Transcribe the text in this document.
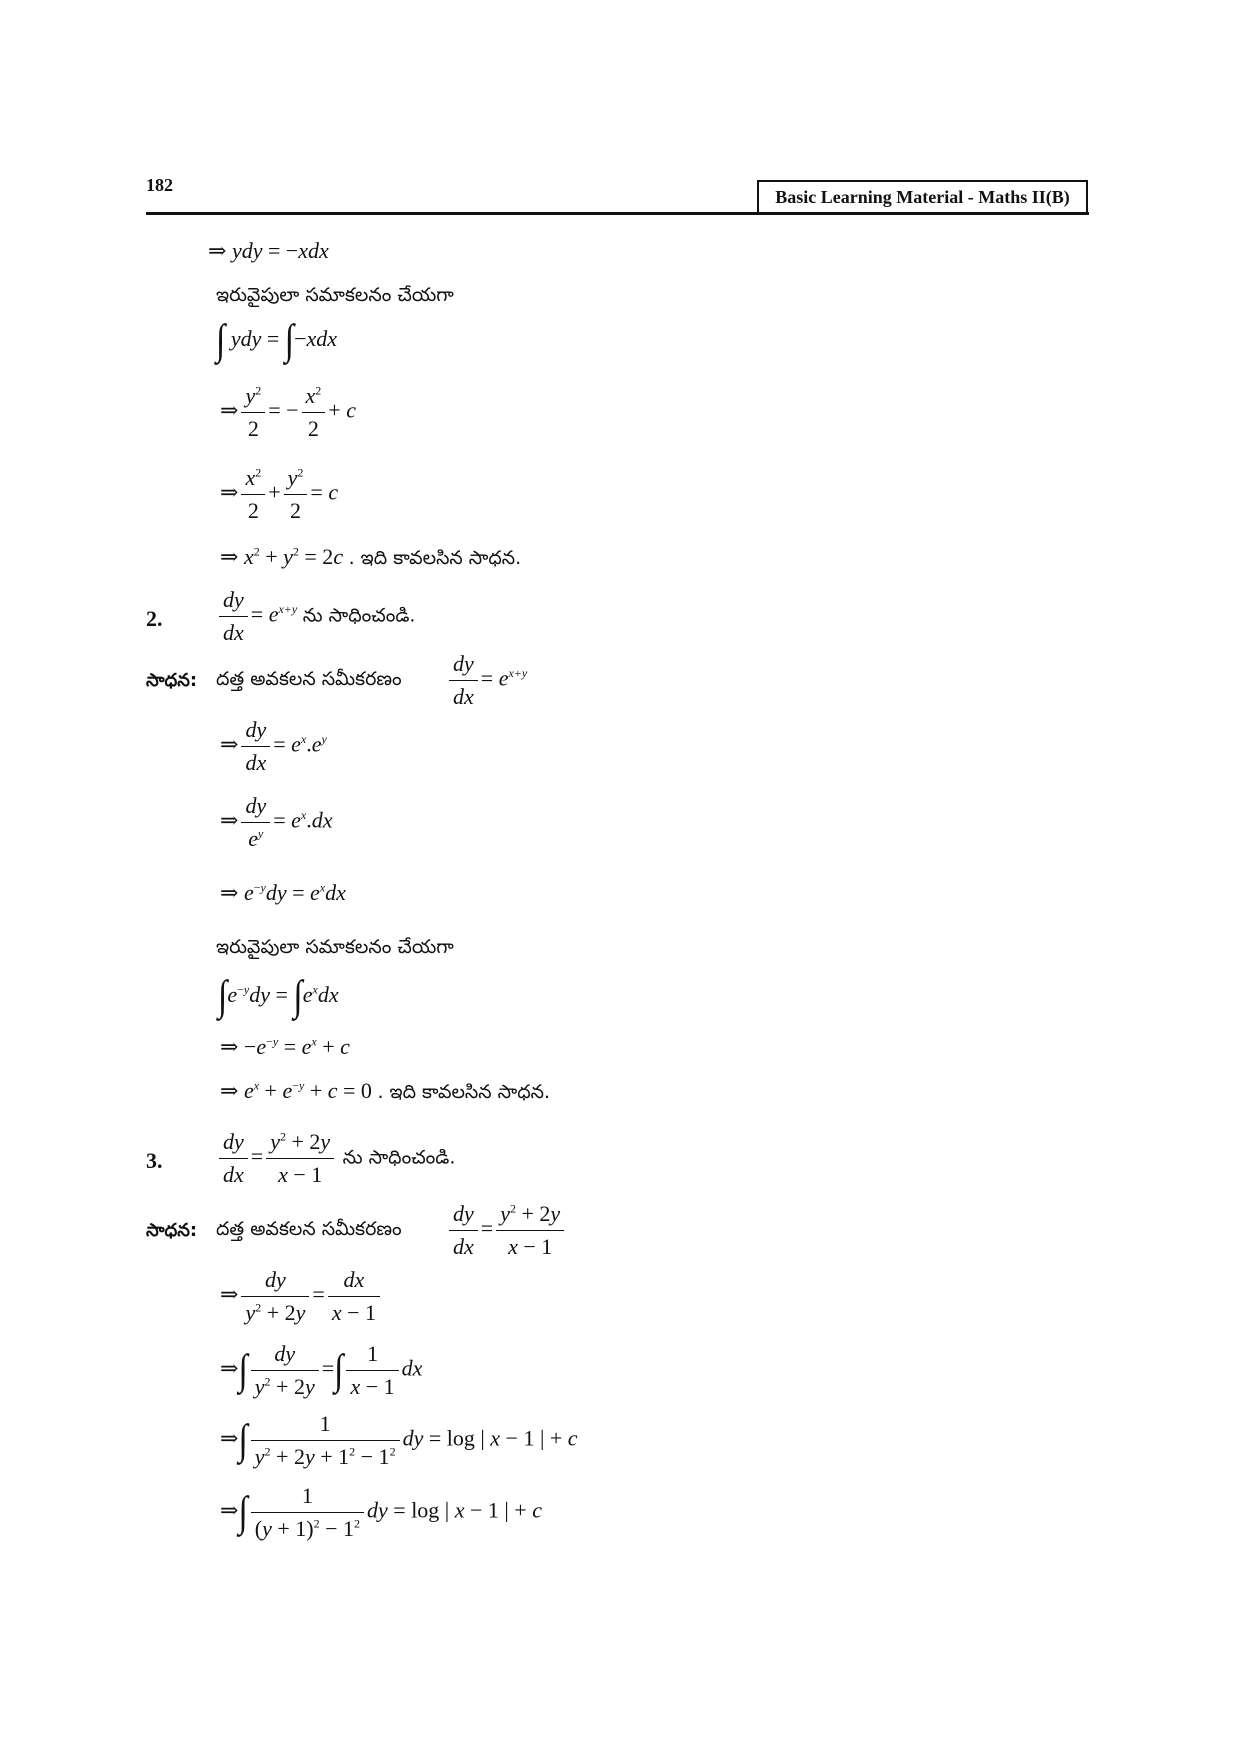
182
Basic Learning Material - Maths II(B)
⇒ ydy = −xdx
ఇరువైపులా సమాకలనం చేయగా
∫ ydy = ∫−xdx
⇒ $\frac{y^2}{2}$ = − $\frac{x^2}{2} + c$
⇒ $\frac{x^2}{2} + \frac{y^2}{2} = c$
⇒ $x^2 + y^2 = 2c$ . ఇది కావలసిన సాధన.
2.	$\frac{dy}{dx} = e^{x+y}$ ను సాధించండి.
సాధన: దత్త అవకలన సమీకరణం $\frac{dy}{dx} = e^{x+y}$
⇒ $\frac{dy}{dx} = e^x.e^y$
⇒ $\frac{dy}{e^y} = e^x.dx$
⇒ $e^{-y}dy = e^xdx$
ఇరువైపులా సమాకలనం చేయగా
$\int e^{-y}dy = \int e^xdx$
⇒ $-e^{-y} = e^x + c$
⇒ $e^x + e^{-y} + c = 0$ . ఇది కావలసిన సాధన.
3.	$\frac{dy}{dx} = \frac{y^2 + 2y}{x - 1}$ ను సాధించండి.
సాధన: దత్త అవకలన సమీకరణం $\frac{dy}{dx} = \frac{y^2 + 2y}{x - 1}$
⇒ $\frac{dy}{y^2 + 2y} = \frac{dx}{x - 1}$
⇒∫ $\frac{dy}{y^2 + 2y}$ =∫ $\frac{1}{x - 1}$ dx
⇒∫ $\frac{1}{y^2 + 2y + 1^2 - 1^2}$ dy = log | x − 1 | + c
⇒∫ $\frac{1}{(y + 1)^2 - 1^2}$ dy = log | x − 1 | + c
